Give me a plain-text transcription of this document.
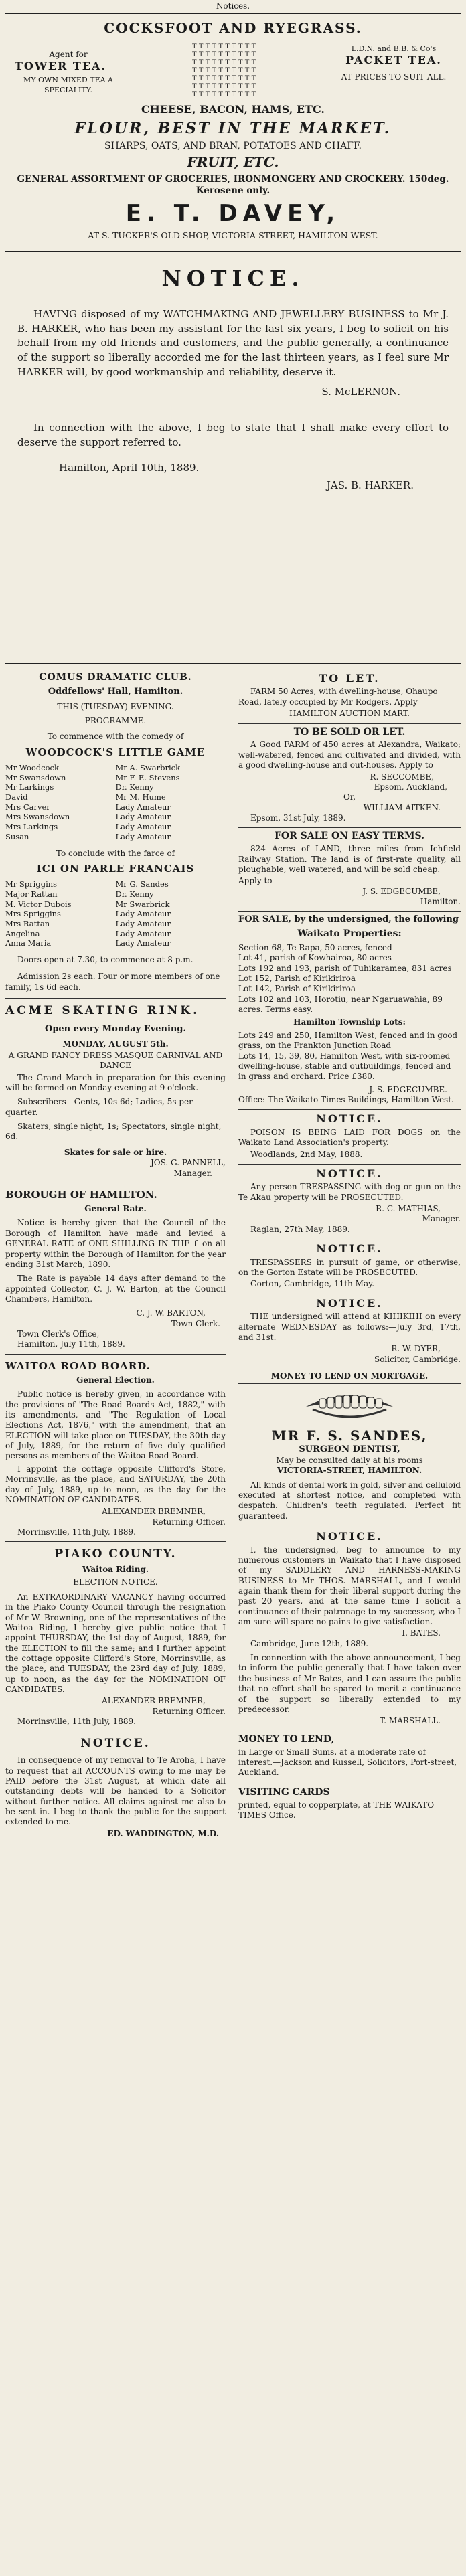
Notices.
COCKSFOOT AND RYEGRASS.
Agent for
TOWER TEA.
MY OWN MIXED TEA A SPECIALITY.
T T T T T T T T T T
T T T T T T T T T T
T T T T T T T T T T
T T T T T T T T T T
T T T T T T T T T T
T T T T T T T T T T
T T T T T T T T T T
L.D.N. and B.B. & Co's
PACKET TEA.
AT PRICES TO SUIT ALL.
CHEESE, BACON, HAMS, ETC.
FLOUR, BEST IN THE MARKET.
SHARPS, OATS, AND BRAN, POTATOES AND CHAFF.
FRUIT, ETC.
GENERAL ASSORTMENT OF GROCERIES, IRONMONGERY AND CROCKERY. 150deg. Kerosene only.
E. T. DAVEY,
AT S. TUCKER'S OLD SHOP, VICTORIA-STREET, HAMILTON WEST.
NOTICE.

HAVING disposed of my WATCHMAKING AND JEWELLERY BUSINESS to Mr J. B. HARKER, who has been my assistant for the last six years, I beg to solicit on his behalf from my old friends and customers, and the public generally, a continuance of the support so liberally accorded me for the last thirteen years, as I feel sure Mr HARKER will, by good workmanship and reliability, deserve it.

S. McLERNON.

In connection with the above, I beg to state that I shall make every effort to deserve the support referred to.

Hamilton, April 10th, 1889.
JAS. B. HARKER.
COMUS DRAMATIC CLUB.
Oddfellows' Hall, Hamilton.
THIS (TUESDAY) EVENING.
PROGRAMME.
To commence with the comedy of
WOODCOCK'S LITTLE GAME
Mr Woodcock	Mr A. Swarbrick
Mr Swansdown	Mr F. E. Stevens
Mr Larkings	Dr. Kenny
David	Mr M. Hume
Mrs Carver	Lady Amateur
Mrs Swansdown	Lady Amateur
Mrs Larkings	Lady Amateur
Susan	Lady Amateur
To conclude with the farce of
ICI ON PARLE FRANCAIS
Mr Spriggins	Mr G. Sandes
Major Rattan	Dr. Kenny
M. Victor Dubois	Mr Swarbrick
Mrs Spriggins	Lady Amateur
Mrs Rattan	Lady Amateur
Angelina	Lady Amateur
Anna Maria	Lady Amateur

Doors open at 7.30, to commence at 8 p.m.

Admission 2s each. Four or more members of one family, 1s 6d each.

ACME SKATING RINK.
Open every Monday Evening.
MONDAY, AUGUST 5th.
A GRAND FANCY DRESS MASQUE CARNIVAL AND DANCE

The Grand March in preparation for this evening will be formed on Monday evening at 9 o'clock.

Subscribers—Gents, 10s 6d; Ladies, 5s per quarter.

Skaters, single night, 1s; Spectators, single night, 6d.

Skates for sale or hire.
JOS. G. PANNELL,
Manager.
BOROUGH OF HAMILTON.
General Rate.

Notice is hereby given that the Council of the Borough of Hamilton have made and levied a GENERAL RATE of ONE SHILLING IN THE £ on all property within the Borough of Hamilton for the year ending 31st March, 1890.

The Rate is payable 14 days after demand to the appointed Collector, C. J. W. Barton, at the Council Chambers, Hamilton.

C. J. W. BARTON,
Town Clerk.
Town Clerk's Office,
Hamilton, July 11th, 1889.
WAITOA ROAD BOARD.
General Election.

Public notice is hereby given, in accordance with the provisions of "The Road Boards Act, 1882," with its amendments, and "The Regulation of Local Elections Act, 1876," with the amendment, that an ELECTION will take place on TUESDAY, the 30th day of July, 1889, for the return of five duly qualified persons as members of the Waitoa Road Board.

I appoint the cottage opposite Clifford's Store, Morrinsville, as the place, and SATURDAY, the 20th day of July, 1889, up to noon, as the day for the NOMINATION OF CANDIDATES.

ALEXANDER BREMNER,
Returning Officer.
Morrinsville, 11th July, 1889.
PIAKO COUNTY.
Waitoa Riding.
ELECTION NOTICE.

An EXTRAORDINARY VACANCY having occurred in the Piako County Council through the resignation of Mr W. Browning, one of the representatives of the Waitoa Riding, I hereby give public notice that I appoint THURSDAY, the 1st day of August, 1889, for the ELECTION to fill the same; and I further appoint the cottage opposite Clifford's Store, Morrinsville, as the place, and TUESDAY, the 23rd day of July, 1889, up to noon, as the day for the NOMINATION OF CANDIDATES.

ALEXANDER BREMNER,
Returning Officer.
Morrinsville, 11th July, 1889.
NOTICE.

In consequence of my removal to Te Aroha, I have to request that all ACCOUNTS owing to me may be PAID before the 31st August, at which date all outstanding debts will be handed to a Solicitor without further notice. All claims against me also to be sent in. I beg to thank the public for the support extended to me.

ED. WADDINGTON, M.D.
TO LET.

FARM 50 Acres, with dwelling-house, Ohaupo Road, lately occupied by Mr Rodgers. Apply

HAMILTON AUCTION MART.
TO BE SOLD OR LET.

A Good FARM of 450 acres at Alexandra, Waikato; well-watered, fenced and cultivated and divided, with a good dwelling-house and out-houses. Apply to

R. SECCOMBE,
Epsom, Auckland,
Or,
WILLIAM AITKEN.
Epsom, 31st July, 1889.
FOR SALE ON EASY TERMS.

824 Acres of LAND, three miles from Ichfield Railway Station. The land is of first-rate quality, all ploughable, well watered, and will be sold cheap.

Apply to
J. S. EDGECUMBE,
Hamilton.
FOR SALE, by the undersigned, the following
Waikato Properties:
Section 68, Te Rapa, 50 acres, fenced
Lot 41, parish of Kowhairoa, 80 acres
Lots 192 and 193, parish of Tuhikaramea, 831 acres
Lot 152, Parish of Kirikiriroa
Lot 142, Parish of Kirikiriroa
Lots 102 and 103, Horotiu, near Ngaruawahia, 89 acres. Terms easy.
Hamilton Township Lots:
Lots 249 and 250, Hamilton West, fenced and in good grass, on the Frankton Junction Road
Lots 14, 15, 39, 80, Hamilton West, with six-roomed dwelling-house, stable and outbuildings, fenced and in grass and orchard. Price £380.
J. S. EDGECUMBE.
Office: The Waikato Times Buildings, Hamilton West.
NOTICE.

POISON IS BEING LAID FOR DOGS on the Waikato Land Association's property.

Woodlands, 2nd May, 1888.
NOTICE.

Any person TRESPASSING with dog or gun on the Te Akau property will be PROSECUTED.

R. C. MATHIAS,
Manager.
Raglan, 27th May, 1889.
NOTICE.

TRESPASSERS in pursuit of game, or otherwise, on the Gorton Estate will be PROSECUTED.

Gorton, Cambridge, 11th May.
NOTICE.

THE undersigned will attend at KIHIKIHI on every alternate WEDNESDAY as follows:—July 3rd, 17th, and 31st.

R. W. DYER,
Solicitor, Cambridge.
MONEY TO LEND ON MORTGAGE.
MR F. S. SANDES,
SURGEON DENTIST,
May be consulted daily at his rooms
VICTORIA-STREET, HAMILTON.

All kinds of dental work in gold, silver and celluloid executed at shortest notice, and completed with despatch. Children's teeth regulated. Perfect fit guaranteed.

NOTICE.

I, the undersigned, beg to announce to my numerous customers in Waikato that I have disposed of my SADDLERY AND HARNESS-MAKING BUSINESS to Mr THOS. MARSHALL, and I would again thank them for their liberal support during the past 20 years, and at the same time I solicit a continuance of their patronage to my successor, who I am sure will spare no pains to give satisfaction.

I. BATES.
Cambridge, June 12th, 1889.

In connection with the above announcement, I beg to inform the public generally that I have taken over the business of Mr Bates, and I can assure the public that no effort shall be spared to merit a continuance of the support so liberally extended to my predecessor.

T. MARSHALL.
MONEY TO LEND,

in Large or Small Sums, at a moderate rate of interest.—Jackson and Russell, Solicitors, Port-street, Auckland.

VISITING CARDS

printed, equal to copperplate, at THE WAIKATO TIMES Office.
